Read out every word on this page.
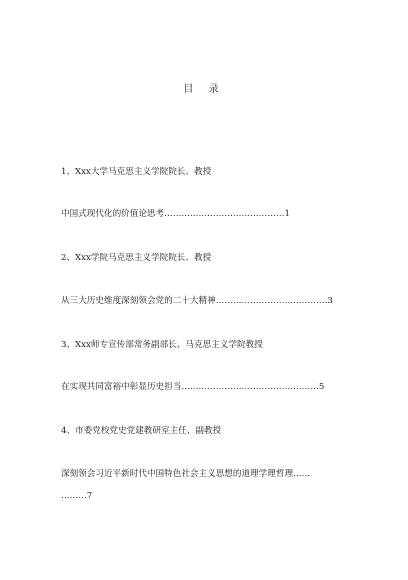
目 录
1、Xxx大学马克思主义学院院长、教授
中国式现代化的价值论思考……………………………………1
2、Xxx学院马克思主义学院院长、教授
从三大历史维度深刻领会党的二十大精神…………………………………3
3、Xxx师专宣传部常务副部长、马克思主义学院教授
在实现共同富裕中彰显历史担当…………………………………………5
4、市委党校党史党建教研室主任、副教授
深刻领会习近平新时代中国特色社会主义思想的道理学理哲理……
………7
